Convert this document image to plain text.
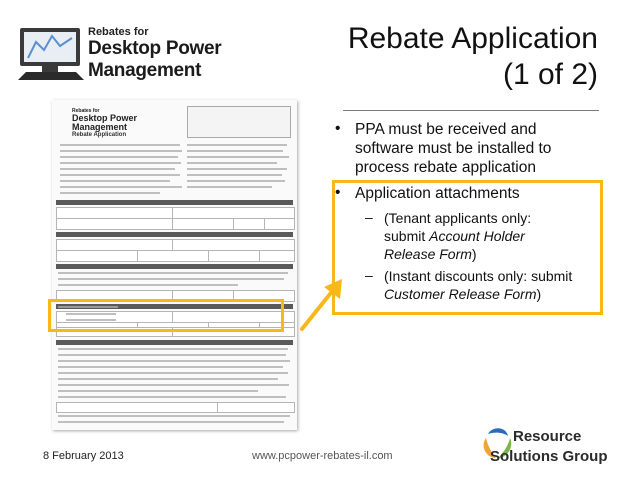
Rebates for
Desktop Power
Management
Rebate Application
(1 of 2)
Rebates for
Desktop Power
Management
Rebate Application	• PPA must be received and
software must be installed to
process rebate application
• Application attachments
– (Tenant applicants only:
submit Account Holder
Release Form)
– (Instant discounts only: submit
Customer Release Form)
8 February 2013	www.pcpower-rebates-il.com
Resource
Solutions Group
